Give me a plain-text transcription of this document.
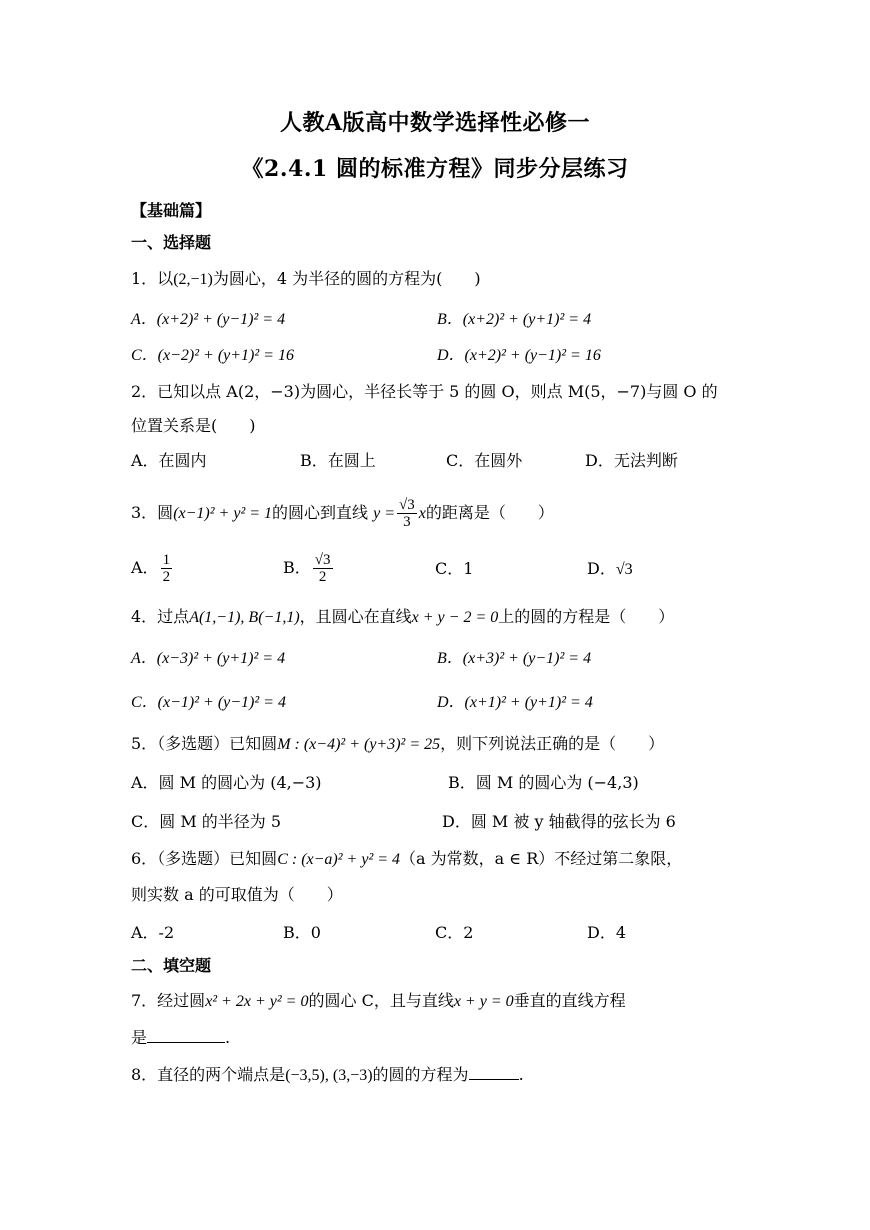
人教A版高中数学选择性必修一
《2.4.1 圆的标准方程》同步分层练习
【基础篇】
一、选择题
1．以(2,−1)为圆心，4 为半径的圆的方程为(　　)
A．(x+2)² + (y−1)² = 4	B．(x+2)² + (y+1)² = 4
C．(x−2)² + (y+1)² = 16	D．(x+2)² + (y−1)² = 16
2．已知以点 A(2，−3)为圆心，半径长等于 5 的圆 O，则点 M(5，−7)与圆 O 的
位置关系是(　　)
A．在圆内	B．在圆上	C．在圆外	D．无法判断
3．圆(x−1)² + y² = 1的圆心到直线 $y = \frac{√3}{3}$ x的距离是（　　）
A． $\frac{1}{2}$	B． $\frac{√3}{2}$	C．1	D．√3
4．过点A(1,−1), B(−1,1)，且圆心在直线x + y − 2 = 0上的圆的方程是（　　）
A．(x−3)² + (y+1)² = 4	B．(x+3)² + (y−1)² = 4
C．(x−1)² + (y−1)² = 4	D．(x+1)² + (y+1)² = 4
5．（多选题）已知圆M : (x−4)² + (y+3)² = 25，则下列说法正确的是（　　）
A．圆 M 的圆心为 (4,−3)	B．圆 M 的圆心为 (−4,3)
C．圆 M 的半径为 5	D．圆 M 被 y 轴截得的弦长为 6
6．（多选题）已知圆C : (x−a)² + y² = 4（a 为常数，a ∈ R）不经过第二象限，
则实数 a 的可取值为（　　）
A．-2	B．0	C．2	D．4
二、填空题
7．经过圆x² + 2x + y² = 0的圆心 C，且与直线x + y = 0垂直的直线方程
是	.
8．直径的两个端点是(−3,5), (3,−3)的圆的方程为	.
